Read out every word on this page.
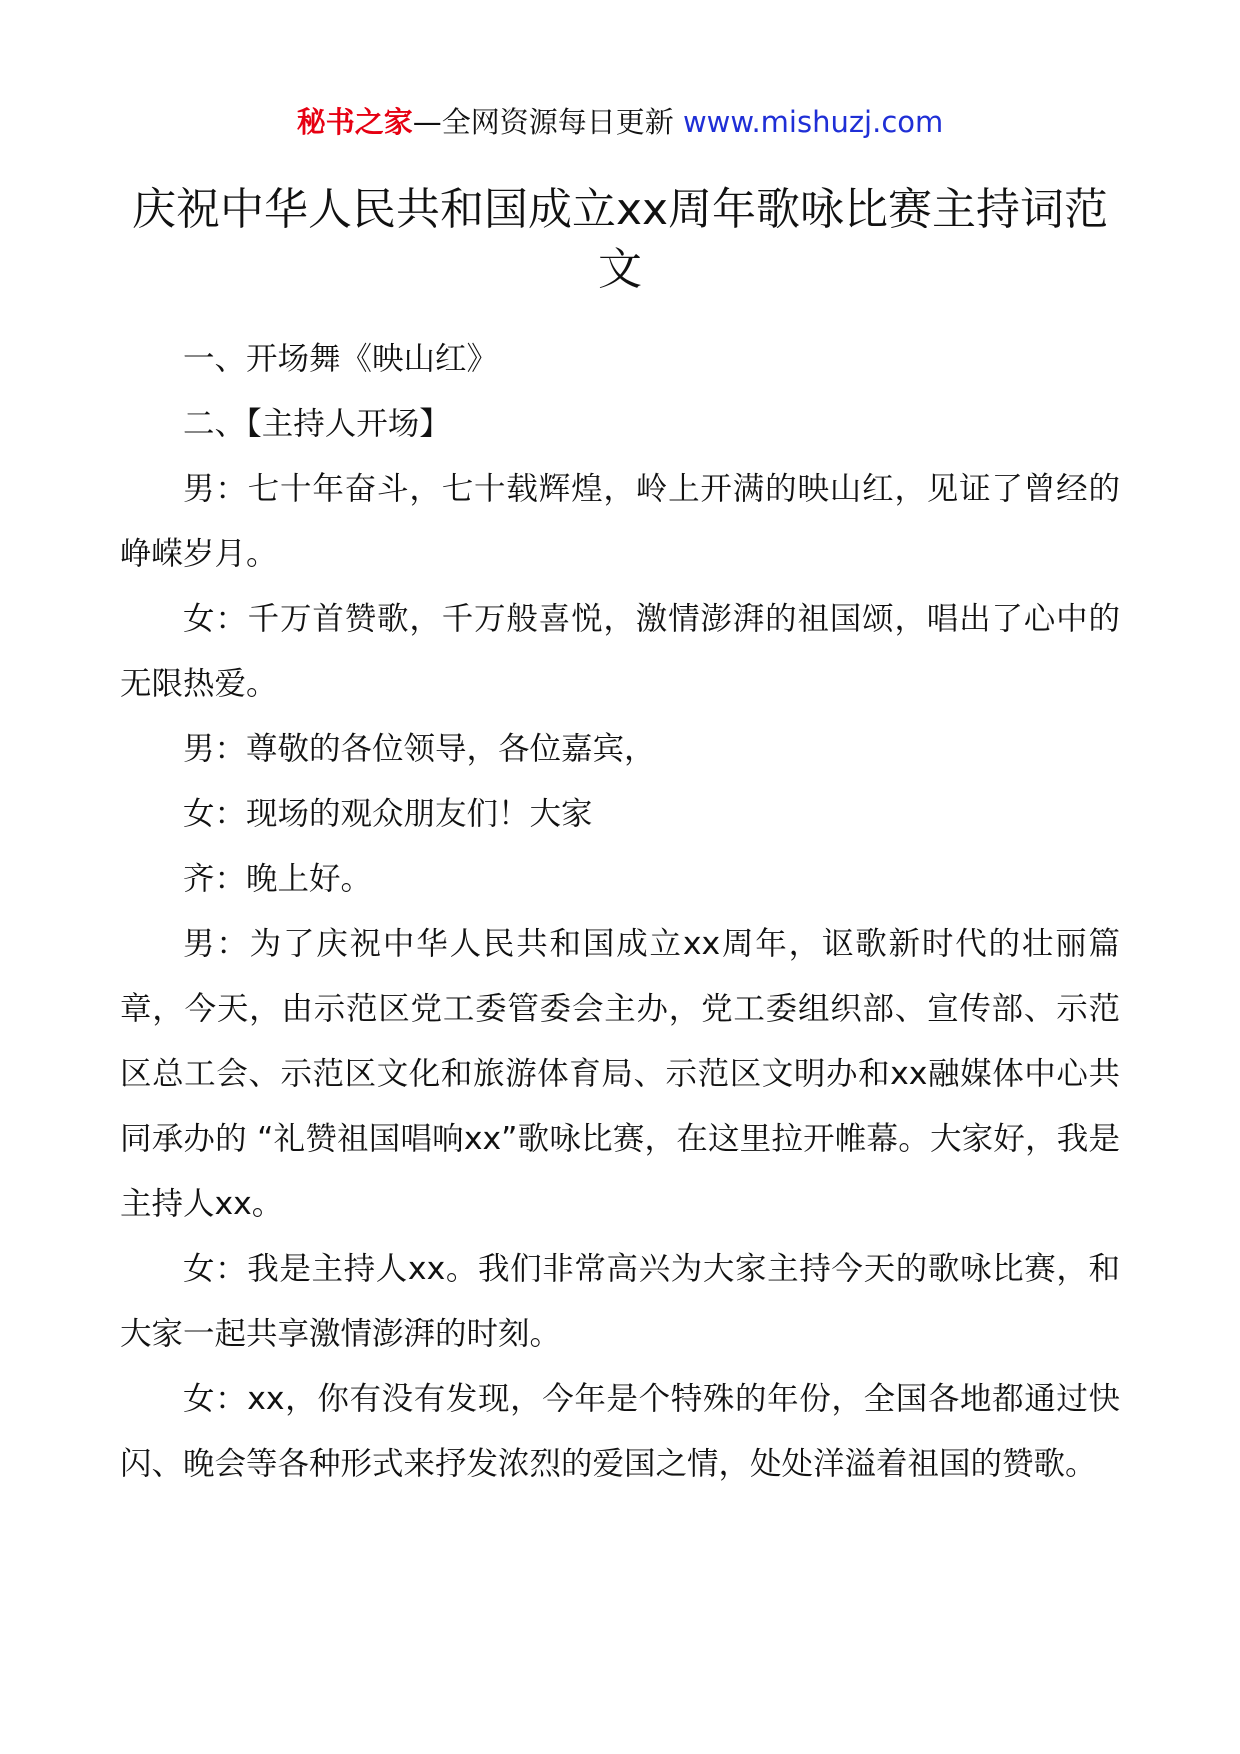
秘书之家—全网资源每日更新 www.mishuzj.com
庆祝中华人民共和国成立xx周年歌咏比赛主持词范文

一、开场舞《映山红》

二、【主持人开场】

男：七十年奋斗，七十载辉煌，岭上开满的映山红，见证了曾经的峥嵘岁月。

女：千万首赞歌，千万般喜悦，激情澎湃的祖国颂，唱出了心中的无限热爱。

男：尊敬的各位领导，各位嘉宾，

女：现场的观众朋友们！大家

齐：晚上好。

男：为了庆祝中华人民共和国成立xx周年，讴歌新时代的壮丽篇章，今天，由示范区党工委管委会主办，党工委组织部、宣传部、示范区总工会、示范区文化和旅游体育局、示范区文明办和xx融媒体中心共同承办的 “礼赞祖国唱响xx”歌咏比赛，在这里拉开帷幕。大家好，我是主持人xx。

女：我是主持人xx。我们非常高兴为大家主持今天的歌咏比赛，和大家一起共享激情澎湃的时刻。

女：xx，你有没有发现，今年是个特殊的年份，全国各地都通过快闪、晚会等各种形式来抒发浓烈的爱国之情，处处洋溢着祖国的赞歌。
